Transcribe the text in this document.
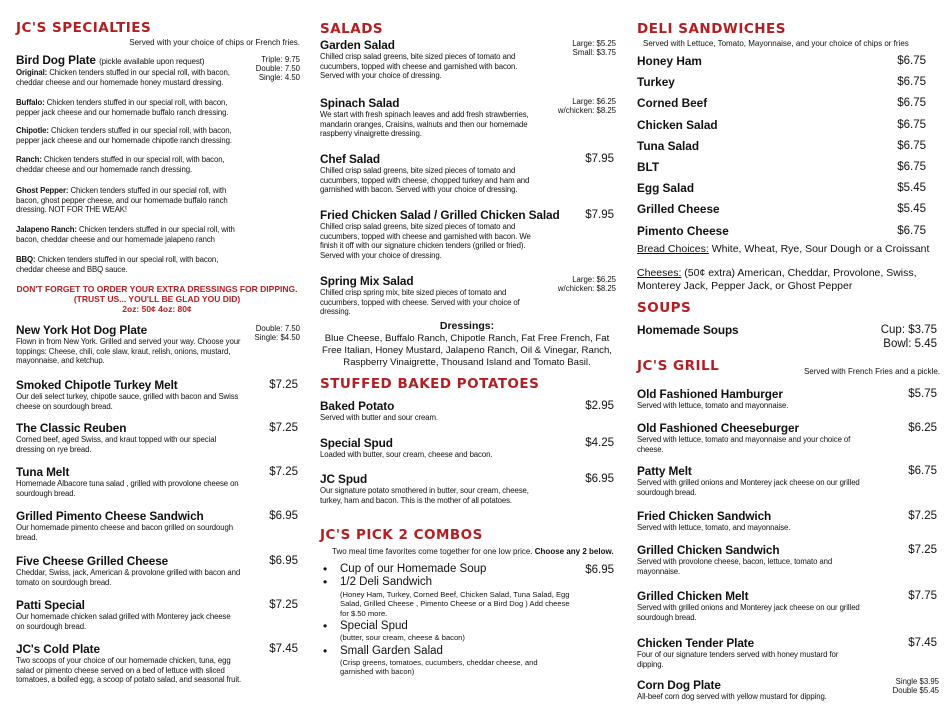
JC'S SPECIALTIES
Served with your choice of chips or French fries.
Bird Dog Plate (pickle available upon request)	Triple: 9.75
Double: 7.50
Single: 4.50
Original: Chicken tenders stuffed in our special roll, with bacon, cheddar cheese and our homemade honey mustard dressing.
Buffalo: Chicken tenders stuffed in our special roll, with bacon, pepper jack cheese and our homemade buffalo ranch dressing.
Chipotle: Chicken tenders stuffed in our special roll, with bacon, pepper jack cheese and our homemade chipotle ranch dressing.
Ranch: Chicken tenders stuffed in our special roll, with bacon, cheddar cheese and our homemade ranch dressing.
Ghost Pepper: Chicken tenders stuffed in our special roll, with bacon, ghost pepper cheese, and our homemade buffalo ranch dressing. NOT FOR THE WEAK!
Jalapeno Ranch: Chicken tenders stuffed in our special roll, with bacon, cheddar cheese and our homemade jalapeno ranch
BBQ: Chicken tenders stuffed in our special roll, with bacon, cheddar cheese and BBQ sauce.
DON'T FORGET TO ORDER YOUR EXTRA DRESSINGS FOR DIPPING.
(TRUST US... YOU'LL BE GLAD YOU DID)
2oz: 50¢ 4oz: 80¢
New York Hot Dog Plate
Flown in from New York. Grilled and served your way. Choose your toppings: Cheese, chili, cole slaw, kraut, relish, onions, mustard, mayonnaise, and ketchup.
Double: 7.50
Single: $4.50
Smoked Chipotle Turkey Melt	$7.25
Our deli select turkey, chipotle sauce, grilled with bacon and Swiss cheese on sourdough bread.
The Classic Reuben	$7.25
Corned beef, aged Swiss, and kraut topped with our special dressing on rye bread.
Tuna Melt	$7.25
Homemade Albacore tuna salad , grilled with provolone cheese on sourdough bread.
Grilled Pimento Cheese Sandwich	$6.95
Our homemade pimento cheese and bacon grilled on sourdough bread.
Five Cheese Grilled Cheese	$6.95
Cheddar, Swiss, jack, American & provolone grilled with bacon and tomato on sourdough bread.
Patti Special	$7.25
Our homemade chicken salad grilled with Monterey jack cheese on sourdough bread.
JC's Cold Plate	$7.45
Two scoops of your choice of our homemade chicken, tuna, egg salad or pimento cheese served on a bed of lettuce with sliced tomatoes, a boiled egg, a scoop of potato salad, and seasonal fruit.
SALADS
Garden Salad	Large: $5.25
Small: $3.75
Chilled crisp salad greens, bite sized pieces of tomato and cucumbers, topped with cheese and garnished with bacon. Served with your choice of dressing.
Spinach Salad	Large: $6.25
w/chicken: $8.25
We start with fresh spinach leaves and add fresh strawberries, mandarin oranges, Craisins, walnuts and then our homemade raspberry vinaigrette dressing.
Chef Salad	$7.95
Chilled crisp salad greens, bite sized pieces of tomato and cucumbers, topped with cheese, chopped turkey and ham and garnished with bacon. Served with your choice of dressing.
Fried Chicken Salad / Grilled Chicken Salad	$7.95
Chilled crisp salad greens, bite sized pieces of tomato and cucumbers, topped with cheese and garnished with bacon. We finish it off with our signature chicken tenders (grilled or fried). Served with your choice of dressing.
Spring Mix Salad	Large: $6.25
w/chicken: $8.25
Chilled crisp spring mix, bite sized pieces of tomato and cucumbers, topped with cheese. Served with your choice of dressing.
Dressings:
Blue Cheese, Buffalo Ranch, Chipotle Ranch, Fat Free French, Fat Free Italian, Honey Mustard, Jalapeno Ranch, Oil & Vinegar, Ranch, Raspberry Vinaigrette, Thousand Island and Tomato Basil.
STUFFED BAKED POTATOES
Baked Potato	$2.95
Served with butter and sour cream.
Special Spud	$4.25
Loaded with butter, sour cream, cheese and bacon.
JC Spud	$6.95
Our signature potato smothered in butter, sour cream, cheese, turkey, ham and bacon. This is the mother of all potatoes.
JC'S PICK 2 COMBOS
Two meal time favorites come together for one low price. Choose any 2 below.
$6.95
• Cup of our Homemade Soup
• 1/2 Deli Sandwich
(Honey Ham, Turkey, Corned Beef, Chicken Salad, Tuna Salad, Egg Salad, Grilled Cheese , Pimento Cheese or a Bird Dog ) Add cheese for $.50 more.
• Special Spud
(butter, sour cream, cheese & bacon)
• Small Garden Salad
(Crisp greens, tomatoes, cucumbers, cheddar cheese, and garnished with bacon)
DELI SANDWICHES
Served with Lettuce, Tomato, Mayonnaise, and your choice of chips or fries
Honey Ham	$6.75
Turkey	$6.75
Corned Beef	$6.75
Chicken Salad	$6.75
Tuna Salad	$6.75
BLT	$6.75
Egg Salad	$5.45
Grilled Cheese	$5.45
Pimento Cheese	$6.75
Bread Choices: White, Wheat, Rye, Sour Dough or a Croissant
Cheeses: (50¢ extra) American, Cheddar, Provolone, Swiss, Monterey Jack, Pepper Jack, or Ghost Pepper
SOUPS
Homemade Soups	Cup: $3.75
Bowl: 5.45
JC'S GRILL	Served with French Fries and a pickle.
Old Fashioned Hamburger	$5.75
Served with lettuce, tomato and mayonnaise.
Old Fashioned Cheeseburger	$6.25
Served with lettuce, tomato and mayonnaise and your choice of cheese.
Patty Melt	$6.75
Served with grilled onions and Monterey jack cheese on our grilled sourdough bread.
Fried Chicken Sandwich	$7.25
Served with lettuce, tomato, and mayonnaise.
Grilled Chicken Sandwich	$7.25
Served with provolone cheese, bacon, lettuce, tomato and mayonnaise.
Grilled Chicken Melt	$7.75
Served with grilled onions and Monterey jack cheese on our grilled sourdough bread.
Chicken Tender Plate	$7.45
Four of our signature tenders served with honey mustard for dipping.
Corn Dog Plate	Single $3.95
Double $5.45
All-beef corn dog served with yellow mustard for dipping.
